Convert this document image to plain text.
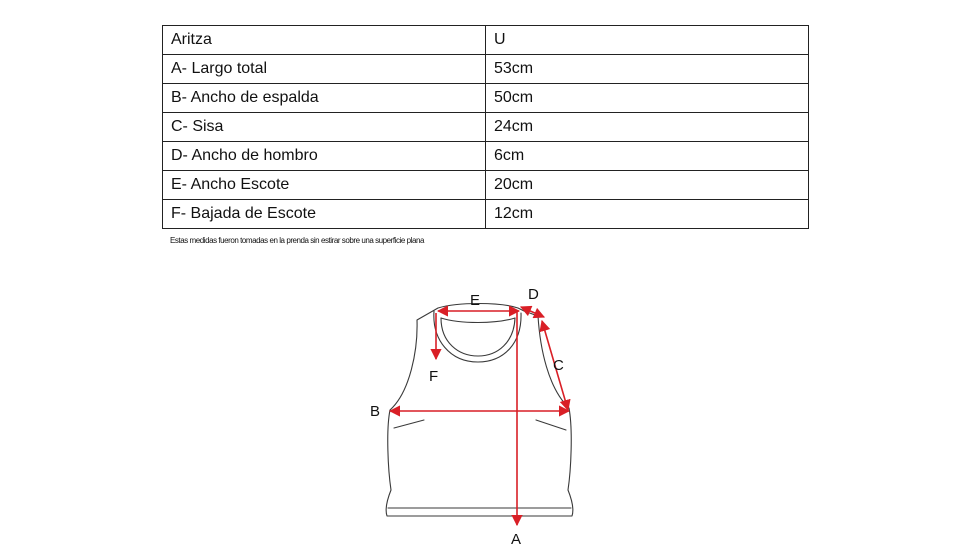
Aritza	U
A- Largo total	53cm
B- Ancho de espalda	50cm
C- Sisa	24cm
D- Ancho de hombro	6cm
E- Ancho Escote	20cm
F- Bajada de Escote	12cm
Estas medidas fueron tomadas en la prenda sin estirar sobre una superficie plana
E	D
F
C
B
A
